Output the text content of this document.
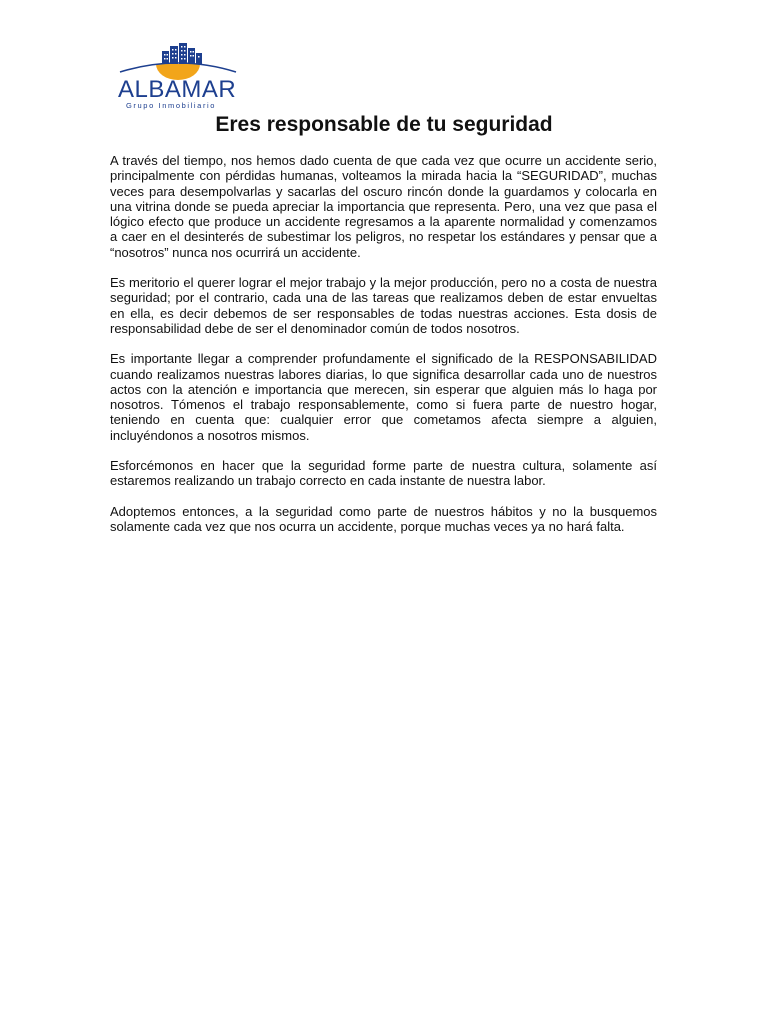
ALBAMAR
Grupo Inmobiliario
Eres responsable de tu seguridad

A través del tiempo, nos hemos dado cuenta de que cada vez que ocurre un accidente serio, principalmente con pérdidas humanas, volteamos la mirada hacia la “SEGURIDAD”, muchas veces para desempolvarlas y sacarlas del oscuro rincón donde la guardamos y colocarla en una vitrina donde se pueda apreciar la importancia que representa. Pero, una vez que pasa el lógico efecto que produce un accidente regresamos a la aparente normalidad y comenzamos a caer en el desinterés de subestimar los peligros, no respetar los estándares y pensar que a “nosotros” nunca nos ocurrirá un accidente.

Es meritorio el querer lograr el mejor trabajo y la mejor producción, pero no a costa de nuestra seguridad; por el contrario, cada una de las tareas que realizamos deben de estar envueltas en ella, es decir debemos de ser responsables de todas nuestras acciones. Esta dosis de responsabilidad debe de ser el denominador común de todos nosotros.

Es importante llegar a comprender profundamente el significado de la RESPONSABILIDAD cuando realizamos nuestras labores diarias, lo que significa desarrollar cada uno de nuestros actos con la atención e importancia que merecen, sin esperar que alguien más lo haga por nosotros. Tómenos el trabajo responsablemente, como si fuera parte de nuestro hogar, teniendo en cuenta que: cualquier error que cometamos afecta siempre a alguien, incluyéndonos a nosotros mismos.

Esforcémonos en hacer que la seguridad forme parte de nuestra cultura, solamente así estaremos realizando un trabajo correcto en cada instante de nuestra labor.

Adoptemos entonces, a la seguridad como parte de nuestros hábitos y no la busquemos solamente cada vez que nos ocurra un accidente, porque muchas veces ya no hará falta.
